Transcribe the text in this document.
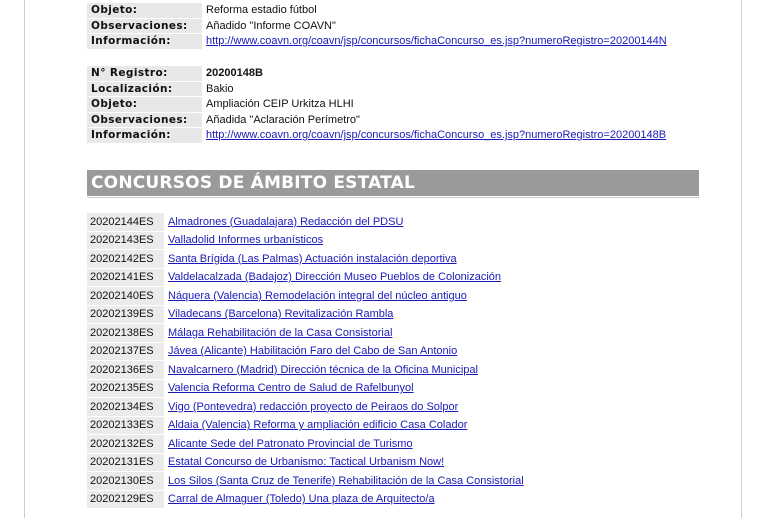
Objeto:	Reforma estadio fútbol
Observaciones:	Añadido "Informe COAVN"
Información:	http://www.coavn.org/coavn/jsp/concursos/fichaConcurso_es.jsp?numeroRegistro=20200144N
N° Registro:	20200148B
Localización:	Bakio
Objeto:	Ampliación CEIP Urkitza HLHI
Observaciones:	Añadida "Aclaración Perímetro"
Información:	http://www.coavn.org/coavn/jsp/concursos/fichaConcurso_es.jsp?numeroRegistro=20200148B
CONCURSOS DE ÁMBITO ESTATAL
20202144ES	Almadrones (Guadalajara) Redacción del PDSU
20202143ES	Valladolid Informes urbanísticos
20202142ES	Santa Brígida (Las Palmas) Actuación instalación deportiva
20202141ES	Valdelacalzada (Badajoz) Dirección Museo Pueblos de Colonización
20202140ES	Náquera (Valencia) Remodelación integral del núcleo antiguo
20202139ES	Viladecans (Barcelona) Revitalización Rambla
20202138ES	Málaga Rehabilitación de la Casa Consistorial
20202137ES	Jávea (Alicante) Habilitación Faro del Cabo de San Antonio
20202136ES	Navalcarnero (Madrid) Dirección técnica de la Oficina Municipal
20202135ES	Valencia Reforma Centro de Salud de Rafelbunyol
20202134ES	Vigo (Pontevedra) redacción proyecto de Peiraos do Solpor
20202133ES	Aldaia (Valencia) Reforma y ampliación edificio Casa Colador
20202132ES	Alicante Sede del Patronato Provincial de Turismo
20202131ES	Estatal Concurso de Urbanismo: Tactical Urbanism Now!
20202130ES	Los Silos (Santa Cruz de Tenerife) Rehabilitación de la Casa Consistorial
20202129ES	Carral de Almaguer (Toledo) Una plaza de Arquitecto/a
